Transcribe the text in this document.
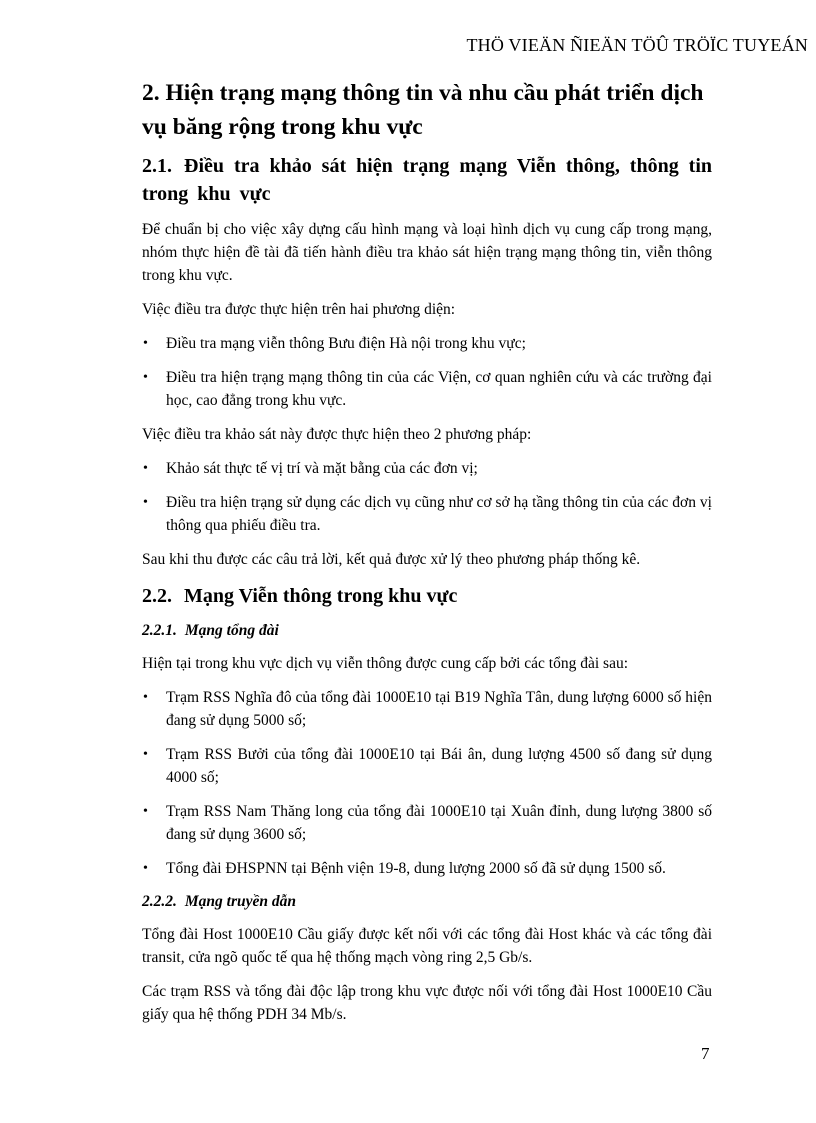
THÖ VIEÄN ÑIEÄN TÖÛ TRÖÏC TUYEÁN
2. Hiện trạng mạng thông tin và nhu cầu phát triển dịch vụ băng rộng trong khu vực
2.1. Điều tra khảo sát hiện trạng mạng Viễn thông, thông tin trong khu vực

Để chuẩn bị cho việc xây dựng cấu hình mạng và loại hình dịch vụ cung cấp trong mạng, nhóm thực hiện đề tài đã tiến hành điều tra khảo sát hiện trạng mạng thông tin, viễn thông trong khu vực.

Việc điều tra được thực hiện trên hai phương diện:

• Điều tra mạng viễn thông Bưu điện Hà nội trong khu vực;
• Điều tra hiện trạng mạng thông tin của các Viện, cơ quan nghiên cứu và các trường đại học, cao đẳng trong khu vực.

Việc điều tra khảo sát này được thực hiện theo 2 phương pháp:

• Khảo sát thực tế vị trí và mặt bằng của các đơn vị;
• Điều tra hiện trạng sử dụng các dịch vụ cũng như cơ sở hạ tầng thông tin của các đơn vị thông qua phiếu điều tra.

Sau khi thu được các câu trả lời, kết quả được xử lý theo phương pháp thống kê.

2.2. Mạng Viễn thông trong khu vực
2.2.1. Mạng tổng đài

Hiện tại trong khu vực dịch vụ viễn thông được cung cấp bởi các tổng đài sau:

• Trạm RSS Nghĩa đô của tổng đài 1000E10 tại B19 Nghĩa Tân, dung lượng 6000 số hiện đang sử dụng 5000 số;
• Trạm RSS Bưởi của tổng đài 1000E10 tại Bái ân, dung lượng 4500 số đang sử dụng 4000 số;
• Trạm RSS Nam Thăng long của tổng đài 1000E10 tại Xuân đỉnh, dung lượng 3800 số đang sử dụng 3600 số;
• Tổng đài ĐHSPNN tại Bệnh viện 19-8, dung lượng 2000 số đã sử dụng 1500 số.
2.2.2. Mạng truyền dẫn

Tổng đài Host 1000E10 Cầu giấy được kết nối với các tổng đài Host khác và các tổng đài transit, cửa ngõ quốc tế qua hệ thống mạch vòng ring 2,5 Gb/s.

Các trạm RSS và tổng đài độc lập trong khu vực được nối với tổng đài Host 1000E10 Cầu giấy qua hệ thống PDH 34 Mb/s.

7
